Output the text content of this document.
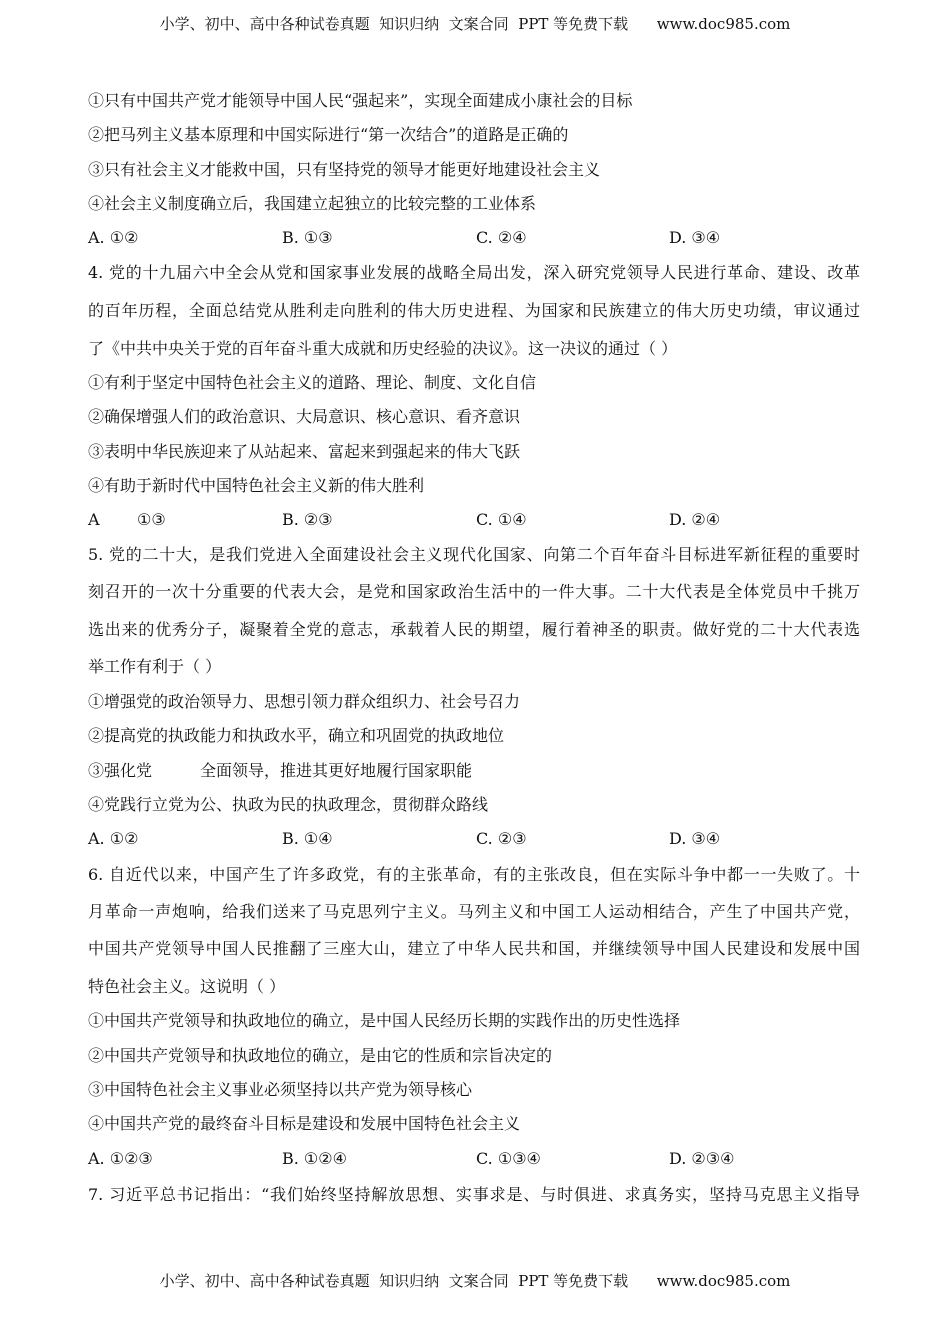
小学、初中、高中各种试卷真题  知识归纳  文案合同  PPT 等免费下载      www.doc985.com
①只有中国共产党才能领导中国人民“强起来”，实现全面建成小康社会的目标
②把马列主义基本原理和中国实际进行“第一次结合”的道路是正确的
③只有社会主义才能救中国，只有坚持党的领导才能更好地建设社会主义
④社会主义制度确立后，我国建立起独立的比较完整的工业体系
A. ①②	B. ①③	C. ②④	D. ③④
4. 党的十九届六中全会从党和国家事业发展的战略全局出发，深入研究党领导人民进行革命、建设、改革
的百年历程，全面总结党从胜利走向胜利的伟大历史进程、为国家和民族建立的伟大历史功绩，审议通过
了《中共中央关于党的百年奋斗重大成就和历史经验的决议》。这一决议的通过（ ）
①有利于坚定中国特色社会主义的道路、理论、制度、文化自信
②确保增强人们的政治意识、大局意识、核心意识、看齐意识
③表明中华民族迎来了从站起来、富起来到强起来的伟大飞跃
④有助于新时代中国特色社会主义新的伟大胜利
A	B. ②③	C. ①④	D. ②④
①③
5. 党的二十大，是我们党进入全面建设社会主义现代化国家、向第二个百年奋斗目标进军新征程的重要时
刻召开的一次十分重要的代表大会，是党和国家政治生活中的一件大事。二十大代表是全体党员中千挑万
选出来的优秀分子，凝聚着全党的意志，承载着人民的期望，履行着神圣的职责。做好党的二十大代表选
举工作有利于（ ）
①增强党的政治领导力、思想引领力群众组织力、社会号召力
②提高党的执政能力和执政水平，确立和巩固党的执政地位
③强化党
④党践行立党为公、执政为民的执政理念，贯彻群众路线
全面领导，推进其更好地履行国家职能
A. ①②	B. ①④	C. ②③	D. ③④
6. 自近代以来，中国产生了许多政党，有的主张革命，有的主张改良，但在实际斗争中都一一失败了。十
月革命一声炮响，给我们送来了马克思列宁主义。马列主义和中国工人运动相结合，产生了中国共产党，
中国共产党领导中国人民推翻了三座大山，建立了中华人民共和国，并继续领导中国人民建设和发展中国
特色社会主义。这说明（ ）
①中国共产党领导和执政地位的确立，是中国人民经历长期的实践作出的历史性选择
②中国共产党领导和执政地位的确立，是由它的性质和宗旨决定的
③中国特色社会主义事业必须坚持以共产党为领导核心
④中国共产党的最终奋斗目标是建设和发展中国特色社会主义
A. ①②③	B. ①②④	C. ①③④	D. ②③④
7. 习近平总书记指出：“我们始终坚持解放思想、实事求是、与时俱进、求真务实，坚持马克思主义指导
小学、初中、高中各种试卷真题  知识归纳  文案合同  PPT 等免费下载      www.doc985.com
